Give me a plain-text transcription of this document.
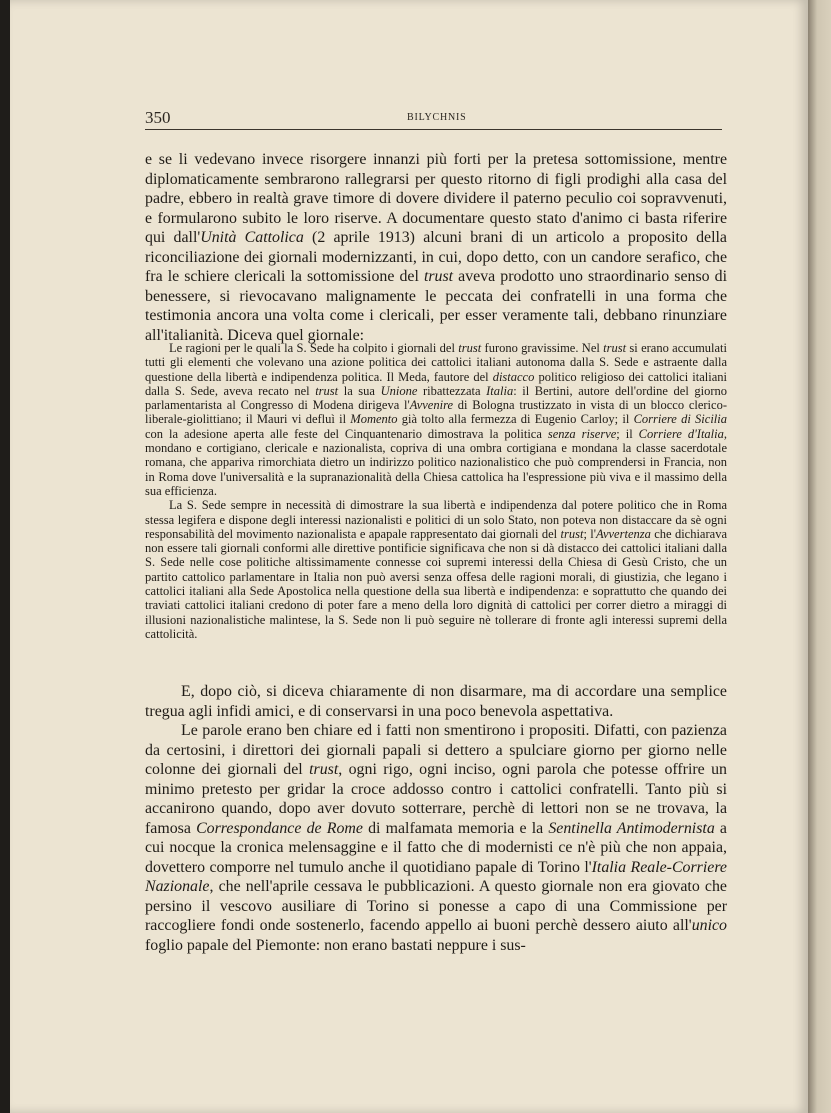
350	BILYCHNIS

e se li vedevano invece risorgere innanzi più forti per la pretesa sottomissione, mentre diplomaticamente sembrarono rallegrarsi per questo ritorno di figli prodighi alla casa del padre, ebbero in realtà grave timore di dovere dividere il paterno peculio coi sopravvenuti, e formularono subito le loro riserve. A documentare questo stato d'animo ci basta riferire qui dall'Unità Cattolica (2 aprile 1913) alcuni brani di un articolo a proposito della riconciliazione dei giornali modernizzanti, in cui, dopo detto, con un candore serafico, che fra le schiere clericali la sottomissione del trust aveva prodotto uno straordinario senso di benessere, si rievocavano malignamente le peccata dei confratelli in una forma che testimonia ancora una volta come i clericali, per esser veramente tali, debbano rinunziare all'italianità. Diceva quel giornale:

Le ragioni per le quali la S. Sede ha colpito i giornali del trust furono gravissime. Nel trust si erano accumulati tutti gli elementi che volevano una azione politica dei cattolici italiani autonoma dalla S. Sede e astraente dalla questione della libertà e indipendenza politica. Il Meda, fautore del distacco politico religioso dei cattolici italiani dalla S. Sede, aveva recato nel trust la sua Unione ribattezzata Italia: il Bertini, autore dell'ordine del giorno parlamentarista al Congresso di Modena dirigeva l'Avvenire di Bologna trustizzato in vista di un blocco clerico-liberale-giolittiano; il Mauri vi defluì il Momento già tolto alla fermezza di Eugenio Carloy; il Corriere di Sicilia con la adesione aperta alle feste del Cinquantenario dimostrava la politica senza riserve; il Corriere d'Italia, mondano e cortigiano, clericale e nazionalista, copriva di una ombra cortigiana e mondana la classe sacerdotale romana, che appariva rimorchiata dietro un indirizzo politico nazionalistico che può comprendersi in Francia, non in Roma dove l'universalità e la supranazionalità della Chiesa cattolica ha l'espressione più viva e il massimo della sua efficienza.

La S. Sede sempre in necessità di dimostrare la sua libertà e indipendenza dal potere politico che in Roma stessa legifera e dispone degli interessi nazionalisti e politici di un solo Stato, non poteva non distaccare da sè ogni responsabilità del movimento nazionalista e apapale rappresentato dai giornali del trust; l'Avvertenza che dichiarava non essere tali giornali conformi alle direttive pontificie significava che non si dà distacco dei cattolici italiani dalla S. Sede nelle cose politiche altissimamente connesse coi supremi interessi della Chiesa di Gesù Cristo, che un partito cattolico parlamentare in Italia non può aversi senza offesa delle ragioni morali, di giustizia, che legano i cattolici italiani alla Sede Apostolica nella questione della sua libertà e indipendenza: e soprattutto che quando dei traviati cattolici italiani credono di poter fare a meno della loro dignità di cattolici per correr dietro a miraggi di illusioni nazionalistiche malintese, la S. Sede non li può seguire nè tollerare di fronte agli interessi supremi della cattolicità.

E, dopo ciò, si diceva chiaramente di non disarmare, ma di accordare una semplice tregua agli infidi amici, e di conservarsi in una poco benevola aspettativa.

Le parole erano ben chiare ed i fatti non smentirono i propositi. Difatti, con pazienza da certosini, i direttori dei giornali papali si dettero a spulciare giorno per giorno nelle colonne dei giornali del trust, ogni rigo, ogni inciso, ogni parola che potesse offrire un minimo pretesto per gridar la croce addosso contro i cattolici confratelli. Tanto più si accanirono quando, dopo aver dovuto sotterrare, perchè di lettori non se ne trovava, la famosa Correspondance de Rome di malfamata memoria e la Sentinella Antimodernista a cui nocque la cronica melensaggine e il fatto che di modernisti ce n'è più che non appaia, dovettero comporre nel tumulo anche il quotidiano papale di Torino l'Italia Reale-Corriere Nazionale, che nell'aprile cessava le pubblicazioni. A questo giornale non era giovato che persino il vescovo ausiliare di Torino si ponesse a capo di una Commissione per raccogliere fondi onde sostenerlo, facendo appello ai buoni perchè dessero aiuto all'unico foglio papale del Piemonte: non erano bastati neppure i sus-
